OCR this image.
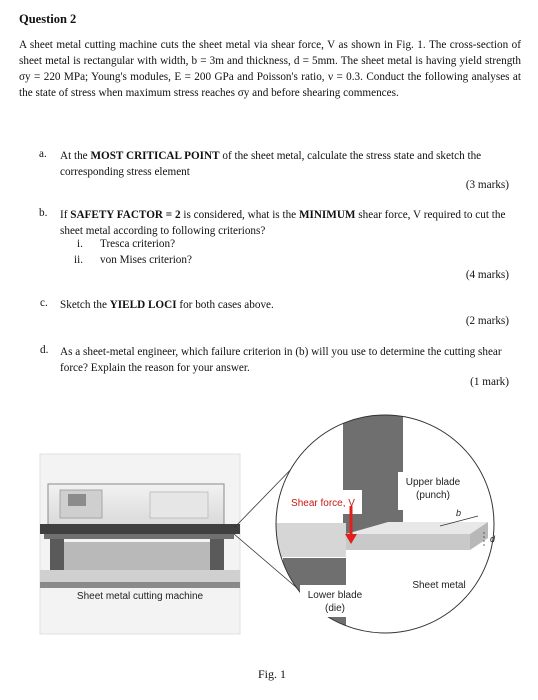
Question 2
A sheet metal cutting machine cuts the sheet metal via shear force, V as shown in Fig. 1. The cross-section of sheet metal is rectangular with width, b = 3m and thickness, d = 5mm. The sheet metal is having yield strength σy = 220 MPa; Young's modules, E = 200 GPa and Poisson's ratio, ν = 0.3. Conduct the following analyses at the state of stress when maximum stress reaches σy and before shearing commences.
a.	At the MOST CRITICAL POINT of the sheet metal, calculate the stress state and sketch the corresponding stress element
(3 marks)
b.	If SAFETY FACTOR = 2 is considered, what is the MINIMUM shear force, V required to cut the sheet metal according to following criterions?
i. Tresca criterion?
ii. von Mises criterion?
(4 marks)
c.	Sketch the YIELD LOCI for both cases above.
(2 marks)
d.	As a sheet-metal engineer, which failure criterion in (b) will you use to determine the cutting shear force? Explain the reason for your answer.
(1 mark)
Sheet metal cutting machine
Shear force, V
Upper blade
(punch)
Sheet metal
Lower blade
(die)
b
d
Fig. 1
